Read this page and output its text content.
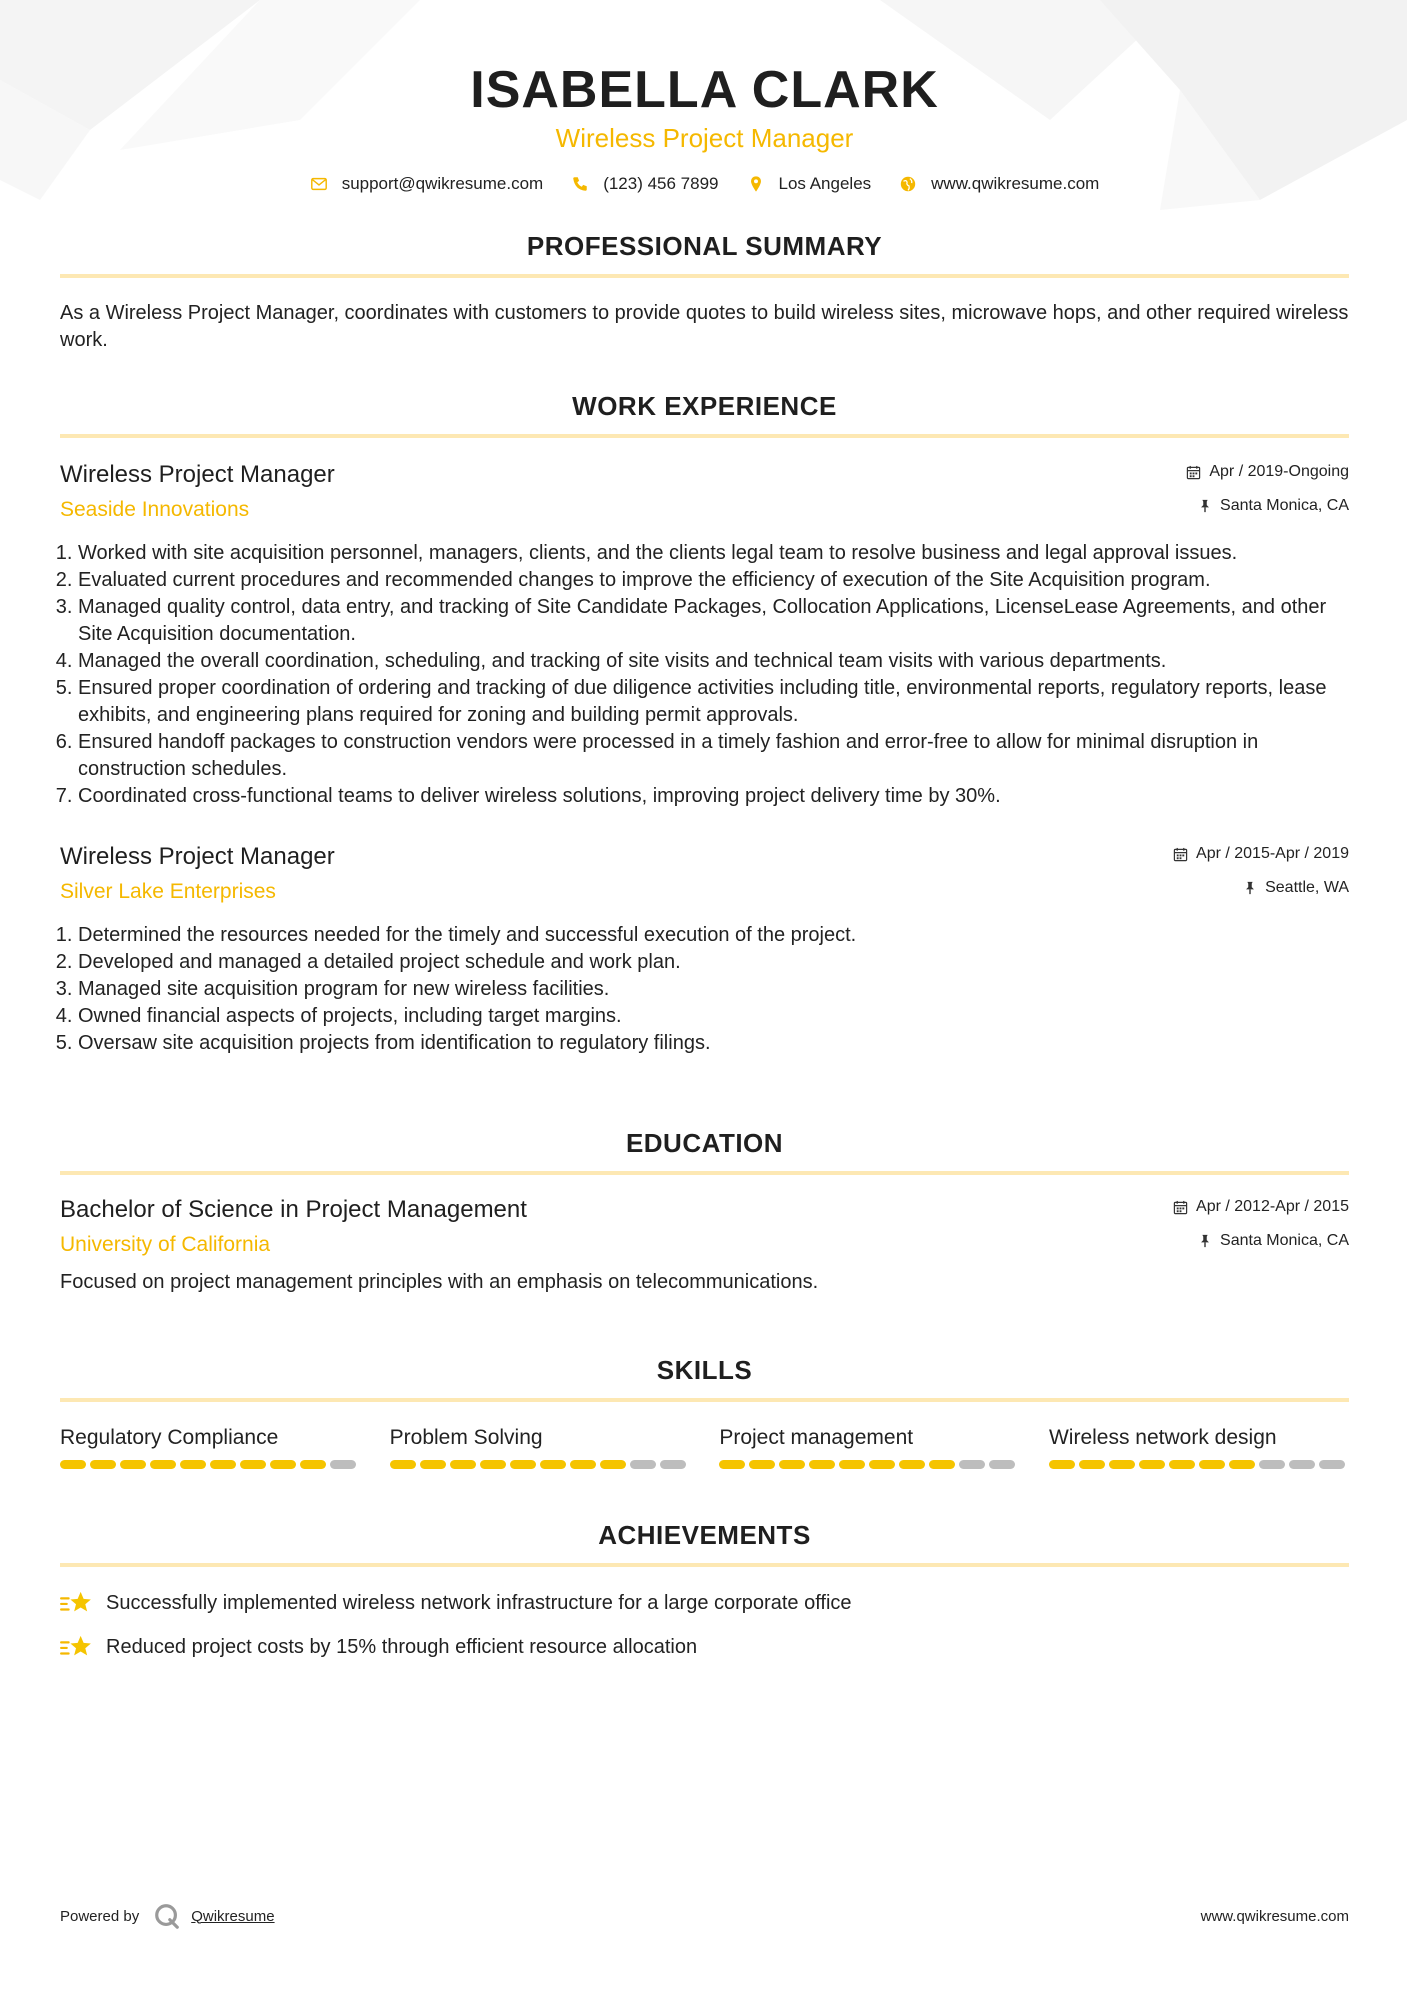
ISABELLA CLARK
Wireless Project Manager
support@qwikresume.com	(123) 456 7899	Los Angeles	www.qwikresume.com
PROFESSIONAL SUMMARY
As a Wireless Project Manager, coordinates with customers to provide quotes to build wireless sites, microwave hops, and other required wireless work.
WORK EXPERIENCE
Wireless Project Manager
Seaside Innovations
Apr / 2019-Ongoing
Santa Monica, CA
1. Worked with site acquisition personnel, managers, clients, and the clients legal team to resolve business and legal approval issues.
2. Evaluated current procedures and recommended changes to improve the efficiency of execution of the Site Acquisition program.
3. Managed quality control, data entry, and tracking of Site Candidate Packages, Collocation Applications, LicenseLease Agreements, and other Site Acquisition documentation.
4. Managed the overall coordination, scheduling, and tracking of site visits and technical team visits with various departments.
5. Ensured proper coordination of ordering and tracking of due diligence activities including title, environmental reports, regulatory reports, lease exhibits, and engineering plans required for zoning and building permit approvals.
6. Ensured handoff packages to construction vendors were processed in a timely fashion and error-free to allow for minimal disruption in construction schedules.
7. Coordinated cross-functional teams to deliver wireless solutions, improving project delivery time by 30%.
Wireless Project Manager
Silver Lake Enterprises
Apr / 2015-Apr / 2019
Seattle, WA
1. Determined the resources needed for the timely and successful execution of the project.
2. Developed and managed a detailed project schedule and work plan.
3. Managed site acquisition program for new wireless facilities.
4. Owned financial aspects of projects, including target margins.
5. Oversaw site acquisition projects from identification to regulatory filings.
EDUCATION
Bachelor of Science in Project Management
University of California
Apr / 2012-Apr / 2015
Santa Monica, CA
Focused on project management principles with an emphasis on telecommunications.
SKILLS
Regulatory Compliance	Problem Solving	Project management	Wireless network design
ACHIEVEMENTS
Successfully implemented wireless network infrastructure for a large corporate office
Reduced project costs by 15% through efficient resource allocation
Powered by	Qwikresume	www.qwikresume.com
